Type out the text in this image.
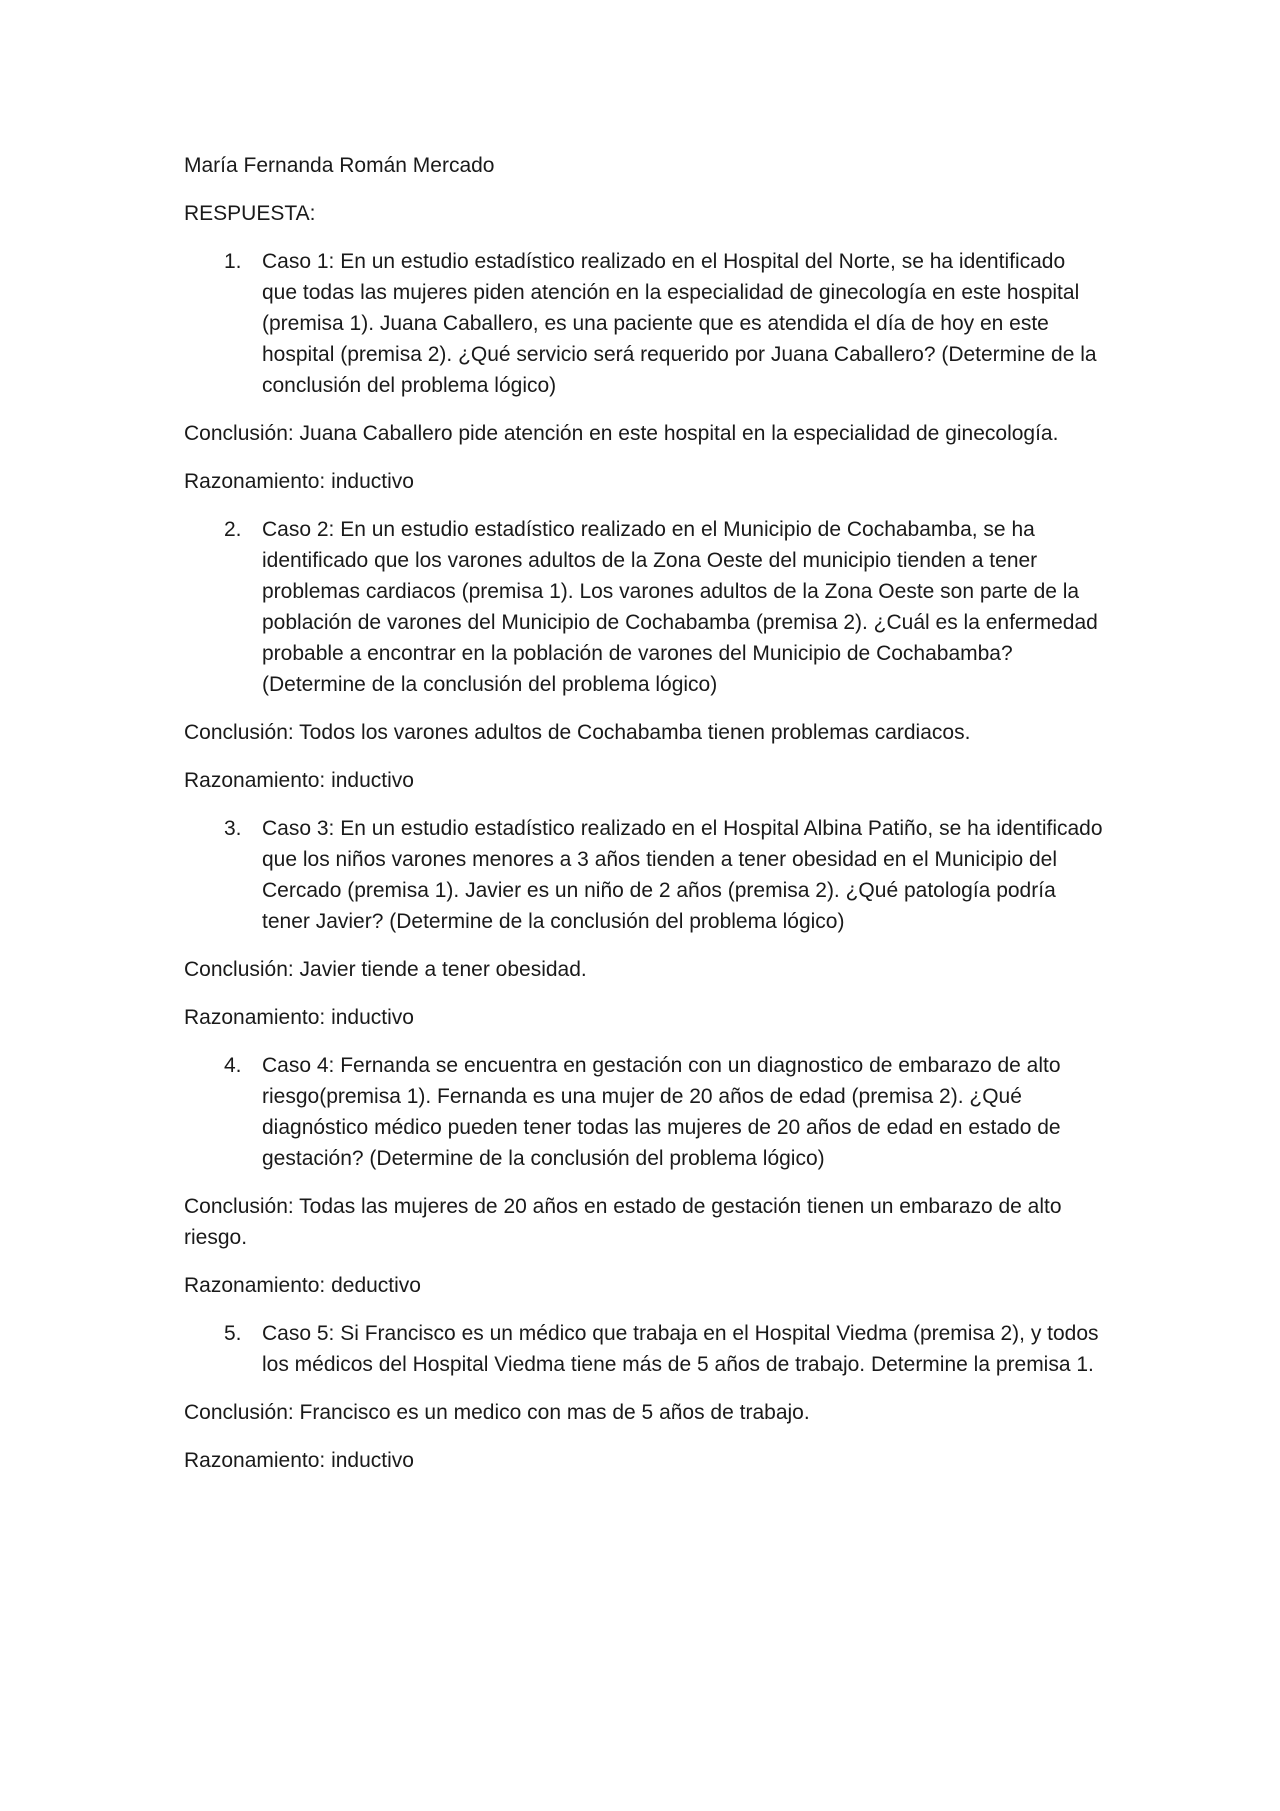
María Fernanda Román Mercado

RESPUESTA:

1. Caso 1: En un estudio estadístico realizado en el Hospital del Norte, se ha identificado que todas las mujeres piden atención en la especialidad de ginecología en este hospital (premisa 1). Juana Caballero, es una paciente que es atendida el día de hoy en este hospital (premisa 2). ¿Qué servicio será requerido por Juana Caballero? (Determine de la conclusión del problema lógico)

Conclusión: Juana Caballero pide atención en este hospital en la especialidad de ginecología.

Razonamiento: inductivo

2. Caso 2: En un estudio estadístico realizado en el Municipio de Cochabamba, se ha identificado que los varones adultos de la Zona Oeste del municipio tienden a tener problemas cardiacos (premisa 1). Los varones adultos de la Zona Oeste son parte de la población de varones del Municipio de Cochabamba (premisa 2). ¿Cuál es la enfermedad probable a encontrar en la población de varones del Municipio de Cochabamba? (Determine de la conclusión del problema lógico)

Conclusión: Todos los varones adultos de Cochabamba tienen problemas cardiacos.

Razonamiento: inductivo

3. Caso 3: En un estudio estadístico realizado en el Hospital Albina Patiño, se ha identificado que los niños varones menores a 3 años tienden a tener obesidad en el Municipio del Cercado (premisa 1). Javier es un niño de 2 años (premisa 2). ¿Qué patología podría tener Javier? (Determine de la conclusión del problema lógico)

Conclusión: Javier tiende a tener obesidad.

Razonamiento: inductivo

4. Caso 4: Fernanda se encuentra en gestación con un diagnostico de embarazo de alto riesgo(premisa 1). Fernanda es una mujer de 20 años de edad (premisa 2). ¿Qué diagnóstico médico pueden tener todas las mujeres de 20 años de edad en estado de gestación? (Determine de la conclusión del problema lógico)

Conclusión: Todas las mujeres de 20 años en estado de gestación tienen un embarazo de alto riesgo.

Razonamiento: deductivo

5. Caso 5: Si Francisco es un médico que trabaja en el Hospital Viedma (premisa 2), y todos los médicos del Hospital Viedma tiene más de 5 años de trabajo. Determine la premisa 1.

Conclusión: Francisco es un medico con mas de 5 años de trabajo.

Razonamiento: inductivo
